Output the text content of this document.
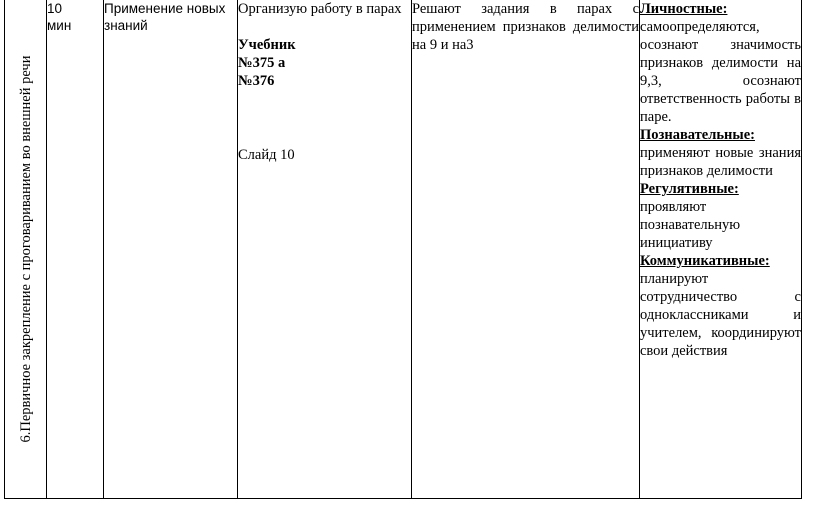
6.Первичное закрепление с проговариванием во внешней речи

10
мин

Применение новых знаний

Организую работу в парах
Учебник
№375 а
№376
Слайд 10

Решают задания в парах с применением признаков делимости на 9 и на3

Личностные:
самоопределяются, осознают значимость признаков делимости на 9,3, осознают ответственность работы в паре.
Познавательные:
применяют новые знания признаков делимости
Регулятивные:
проявляют познавательную инициативу
Коммуникативные:
планируют сотрудничество с одноклассниками и учителем, координируют свои действия
